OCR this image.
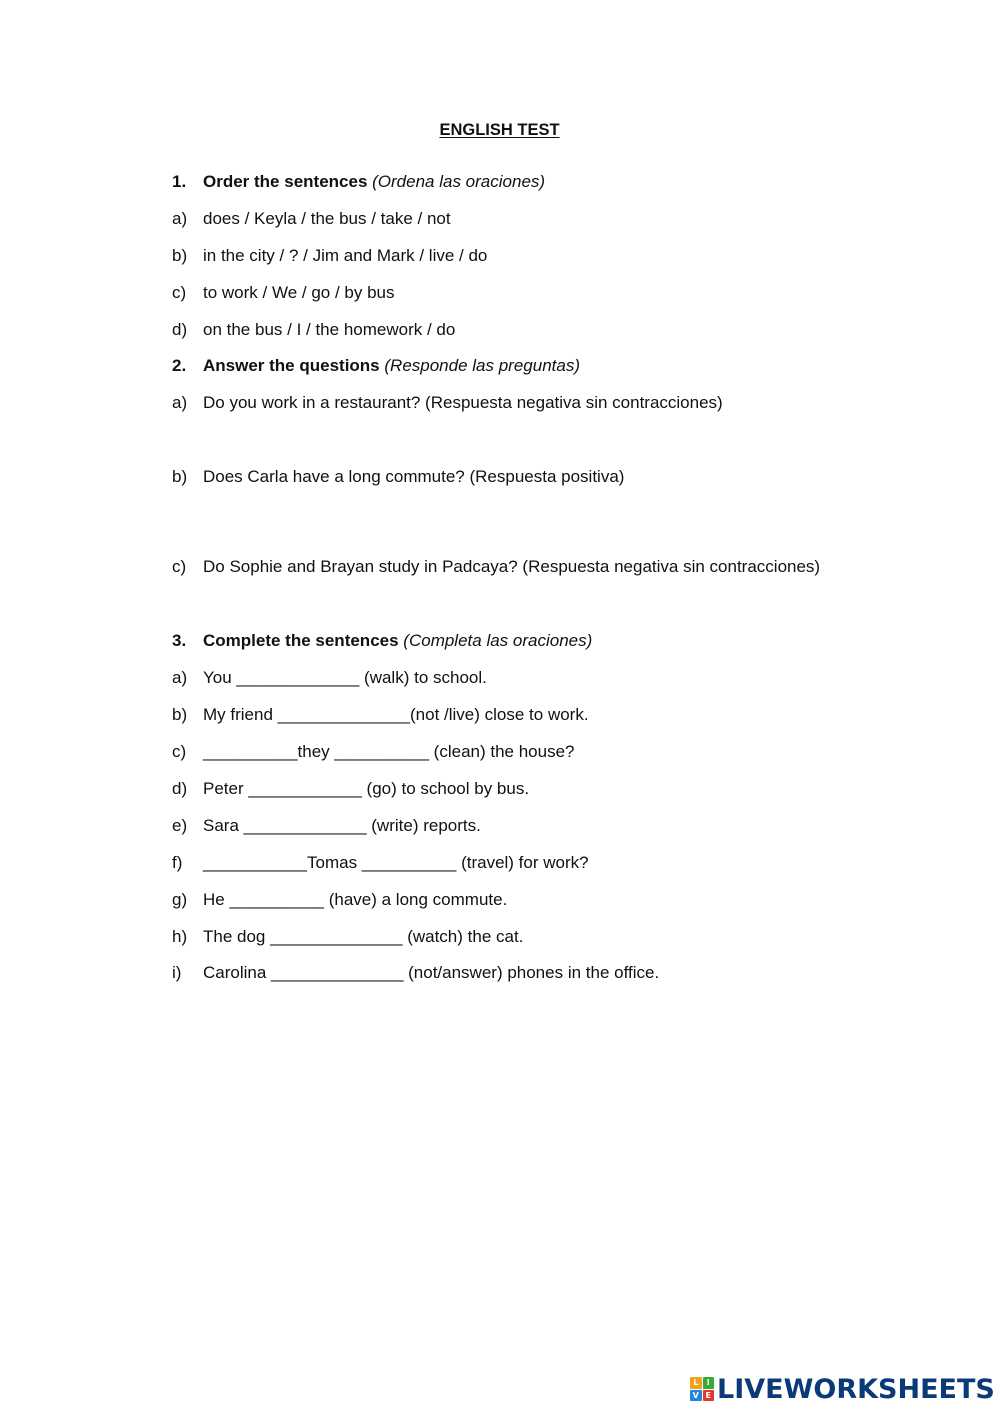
ENGLISH TEST
1. Order the sentences (Ordena las oraciones)
a) does / Keyla / the bus / take / not
b) in the city / ? / Jim and Mark / live / do
c) to work / We / go / by bus
d) on the bus / I / the homework / do
2. Answer the questions (Responde las preguntas)
a) Do you work in a restaurant? (Respuesta negativa sin contracciones)
b) Does Carla have a long commute? (Respuesta positiva)
c) Do Sophie and Brayan study in Padcaya? (Respuesta negativa sin contracciones)
3. Complete the sentences (Completa las oraciones)
a) You _____________ (walk) to school.
b) My friend ______________(not /live) close to work.
c) __________they __________ (clean) the house?
d) Peter ____________ (go) to school by bus.
e) Sara _____________ (write) reports.
f) ___________Tomas __________ (travel) for work?
g) He __________ (have) a long commute.
h) The dog ______________ (watch) the cat.
i) Carolina ______________ (not/answer) phones in the office.
L	I
V E LIVEWORKSHEETS
